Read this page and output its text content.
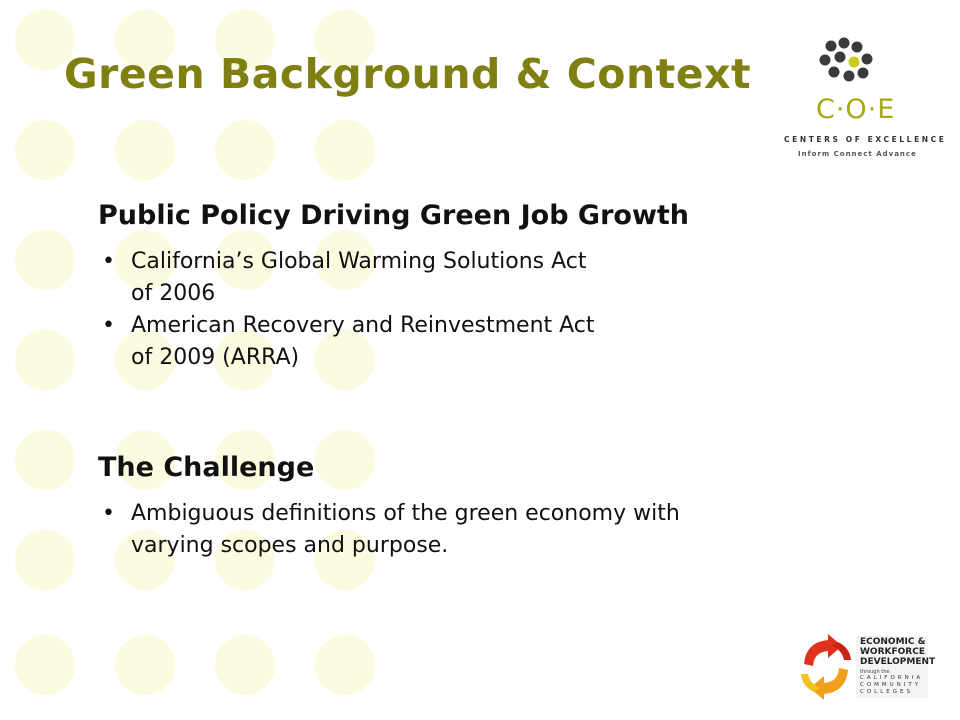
Green Background & Context
C·O·E
CENTERS OF EXCELLENCE
Inform Connect Advance
Public Policy Driving Green Job Growth
• California’s Global Warming Solutions Act
of 2006
• American Recovery and Reinvestment Act
of 2009 (ARRA)
The Challenge
• Ambiguous definitions of the green economy with
varying scopes and purpose.
ECONOMIC &
WORKFORCE
DEVELOPMENT
through the
CALIFORNIA
COMMUNITY
COLLEGES
